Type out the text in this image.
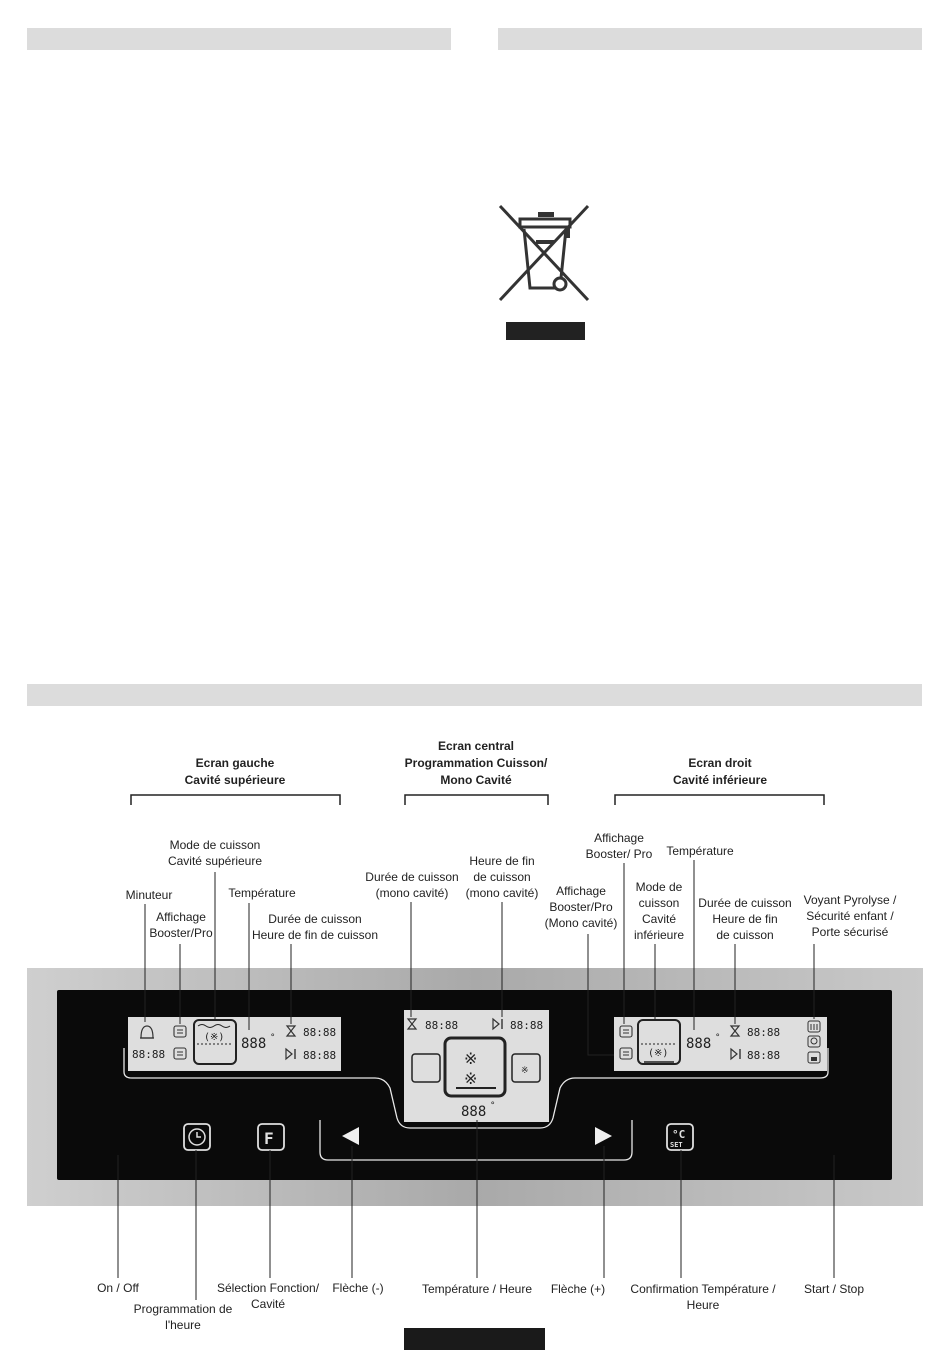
Ecran gauche
Cavité supérieure
Ecran central
Programmation Cuisson/
Mono Cavité
Ecran droit
Cavité inférieure
88:88
(※) 888 °	88:88
88:88
88:88	88:88
※
※	※
888 °
(※)
888 ° 88:88
88:88
F	°C
SET
Minuteur
Affichage
Booster/Pro
Mode de cuisson
Cavité supérieure
Température
Durée de cuisson
Heure de fin de cuisson
Durée de cuisson
(mono cavité)
Heure de fin
de cuisson
(mono cavité)	Affichage
Booster/Pro
(Mono cavité)
Affichage
Booster/ Pro
Mode de
cuisson
Cavité
inférieure
Température
Durée de cuisson
Heure de fin
de cuisson
Voyant Pyrolyse /
Sécurité enfant /
Porte sécurisé
On / Off
Programmation de
l'heure
Sélection Fonction/
Cavité
Flèche (-)	Température / Heure	Flèche (+)	Confirmation Température /
Heure
Start / Stop
